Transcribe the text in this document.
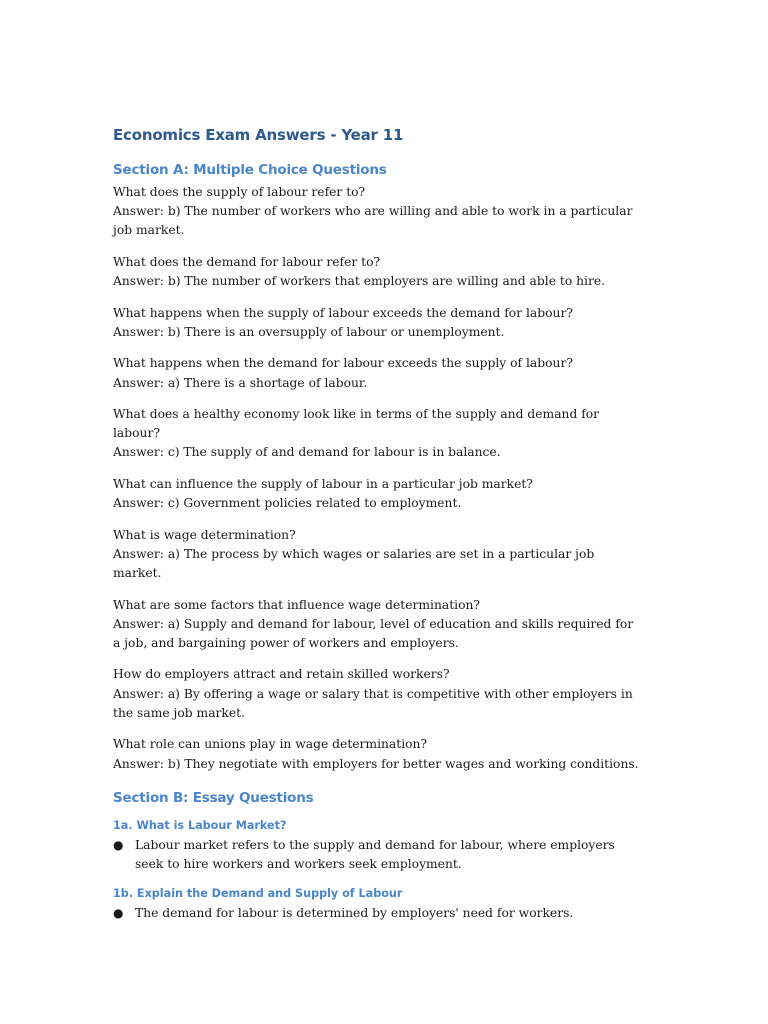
Economics Exam Answers - Year 11
Section A: Multiple Choice Questions

What does the supply of labour refer to?

Answer: b) The number of workers who are willing and able to work in a particular job market.

What does the demand for labour refer to?

Answer: b) The number of workers that employers are willing and able to hire.

What happens when the supply of labour exceeds the demand for labour?

Answer: b) There is an oversupply of labour or unemployment.

What happens when the demand for labour exceeds the supply of labour?

Answer: a) There is a shortage of labour.

What does a healthy economy look like in terms of the supply and demand for labour?

Answer: c) The supply of and demand for labour is in balance.

What can influence the supply of labour in a particular job market?

Answer: c) Government policies related to employment.

What is wage determination?

Answer: a) The process by which wages or salaries are set in a particular job market.

What are some factors that influence wage determination?

Answer: a) Supply and demand for labour, level of education and skills required for a job, and bargaining power of workers and employers.

How do employers attract and retain skilled workers?

Answer: a) By offering a wage or salary that is competitive with other employers in the same job market.

What role can unions play in wage determination?

Answer: b) They negotiate with employers for better wages and working conditions.

Section B: Essay Questions
1a. What is Labour Market?
● Labour market refers to the supply and demand for labour, where employers seek to hire workers and workers seek employment.
1b. Explain the Demand and Supply of Labour
● The demand for labour is determined by employers' need for workers.
